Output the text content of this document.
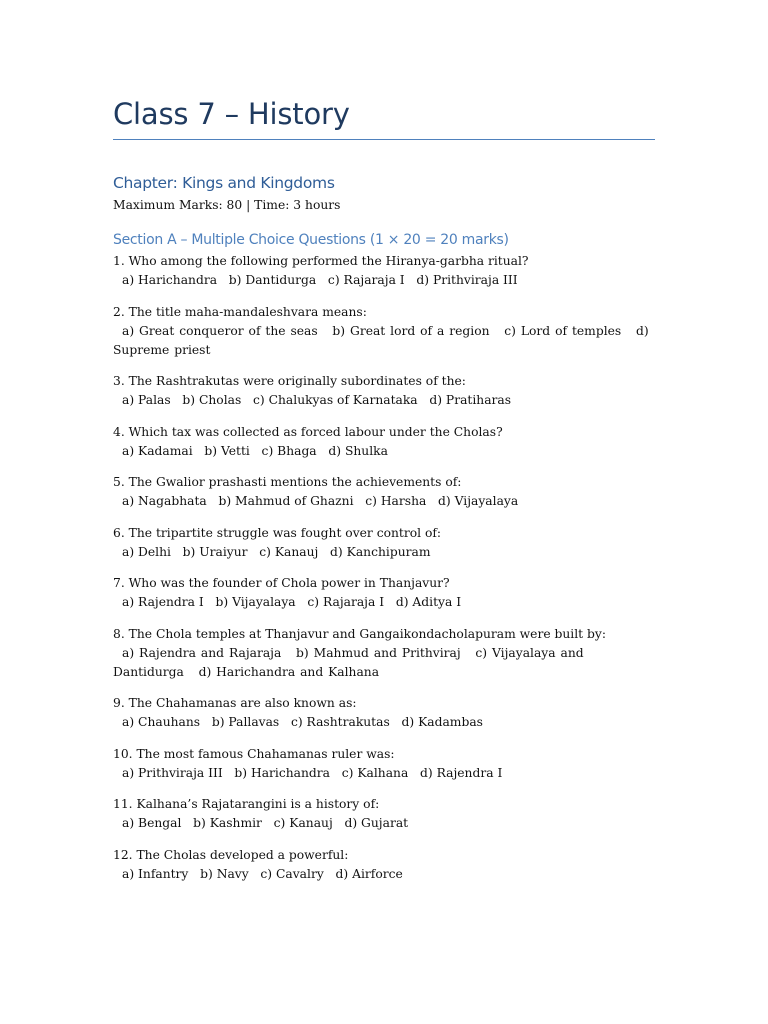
Class 7 – History
Chapter: Kings and Kingdoms
Maximum Marks: 80 | Time: 3 hours
Section A – Multiple Choice Questions (1 × 20 = 20 marks)
1. Who among the following performed the Hiranya-garbha ritual?
a) Harichandra   b) Dantidurga   c) Rajaraja I   d) Prithviraja III
2. The title maha-mandaleshvara means:
a) Great conqueror of the seas   b) Great lord of a region   c) Lord of temples   d) Supreme priest
3. The Rashtrakutas were originally subordinates of the:
a) Palas   b) Cholas   c) Chalukyas of Karnataka   d) Pratiharas
4. Which tax was collected as forced labour under the Cholas?
a) Kadamai   b) Vetti   c) Bhaga   d) Shulka
5. The Gwalior prashasti mentions the achievements of:
a) Nagabhata   b) Mahmud of Ghazni   c) Harsha   d) Vijayalaya
6. The tripartite struggle was fought over control of:
a) Delhi   b) Uraiyur   c) Kanauj   d) Kanchipuram
7. Who was the founder of Chola power in Thanjavur?
a) Rajendra I   b) Vijayalaya   c) Rajaraja I   d) Aditya I
8. The Chola temples at Thanjavur and Gangaikondacholapuram were built by:
a) Rajendra and Rajaraja   b) Mahmud and Prithviraj   c) Vijayalaya and Dantidurga   d) Harichandra and Kalhana
9. The Chahamanas are also known as:
a) Chauhans   b) Pallavas   c) Rashtrakutas   d) Kadambas
10. The most famous Chahamanas ruler was:
a) Prithviraja III   b) Harichandra   c) Kalhana   d) Rajendra I
11. Kalhana’s Rajatarangini is a history of:
a) Bengal   b) Kashmir   c) Kanauj   d) Gujarat
12. The Cholas developed a powerful:
a) Infantry   b) Navy   c) Cavalry   d) Airforce
